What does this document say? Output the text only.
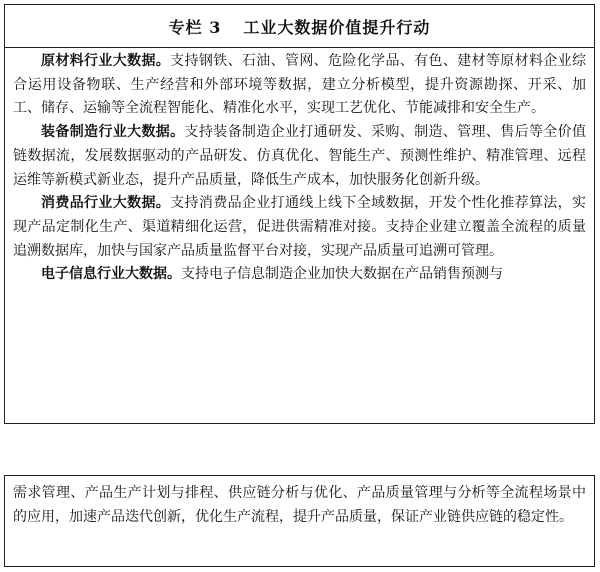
专栏 3 工业大数据价值提升行动

原材料行业大数据。支持钢铁、石油、管网、危险化学品、有色、建材等原材料企业综合运用设备物联、生产经营和外部环境等数据，建立分析模型，提升资源勘探、开采、加工、储存、运输等全流程智能化、精准化水平，实现工艺优化、节能减排和安全生产。

装备制造行业大数据。支持装备制造企业打通研发、采购、制造、管理、售后等全价值链数据流，发展数据驱动的产品研发、仿真优化、智能生产、预测性维护、精准管理、远程运维等新模式新业态，提升产品质量，降低生产成本，加快服务化创新升级。

消费品行业大数据。支持消费品企业打通线上线下全域数据，开发个性化推荐算法，实现产品定制化生产、渠道精细化运营，促进供需精准对接。支持企业建立覆盖全流程的质量追溯数据库，加快与国家产品质量监督平台对接，实现产品质量可追溯可管理。

电子信息行业大数据。支持电子信息制造企业加快大数据在产品销售预测与

需求管理、产品生产计划与排程、供应链分析与优化、产品质量管理与分析等全流程场景中的应用，加速产品迭代创新，优化生产流程，提升产品质量，保证产业链供应链的稳定性。
